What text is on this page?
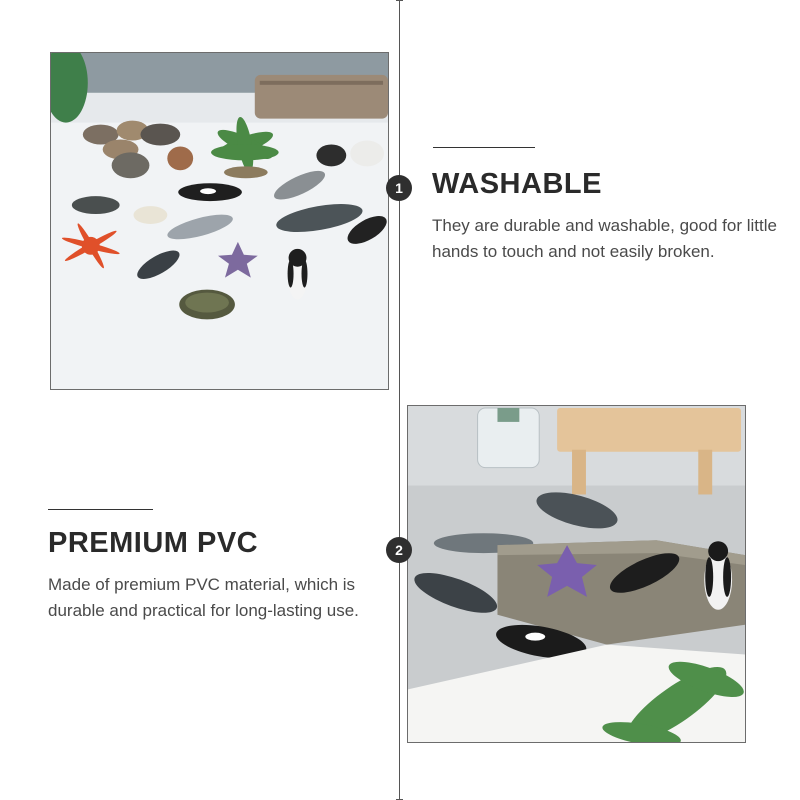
1	WASHABLE
They are durable and washable, good for little hands to touch and not easily broken.
2
PREMIUM PVC
Made of premium PVC material, which is durable and practical for long-lasting use.
